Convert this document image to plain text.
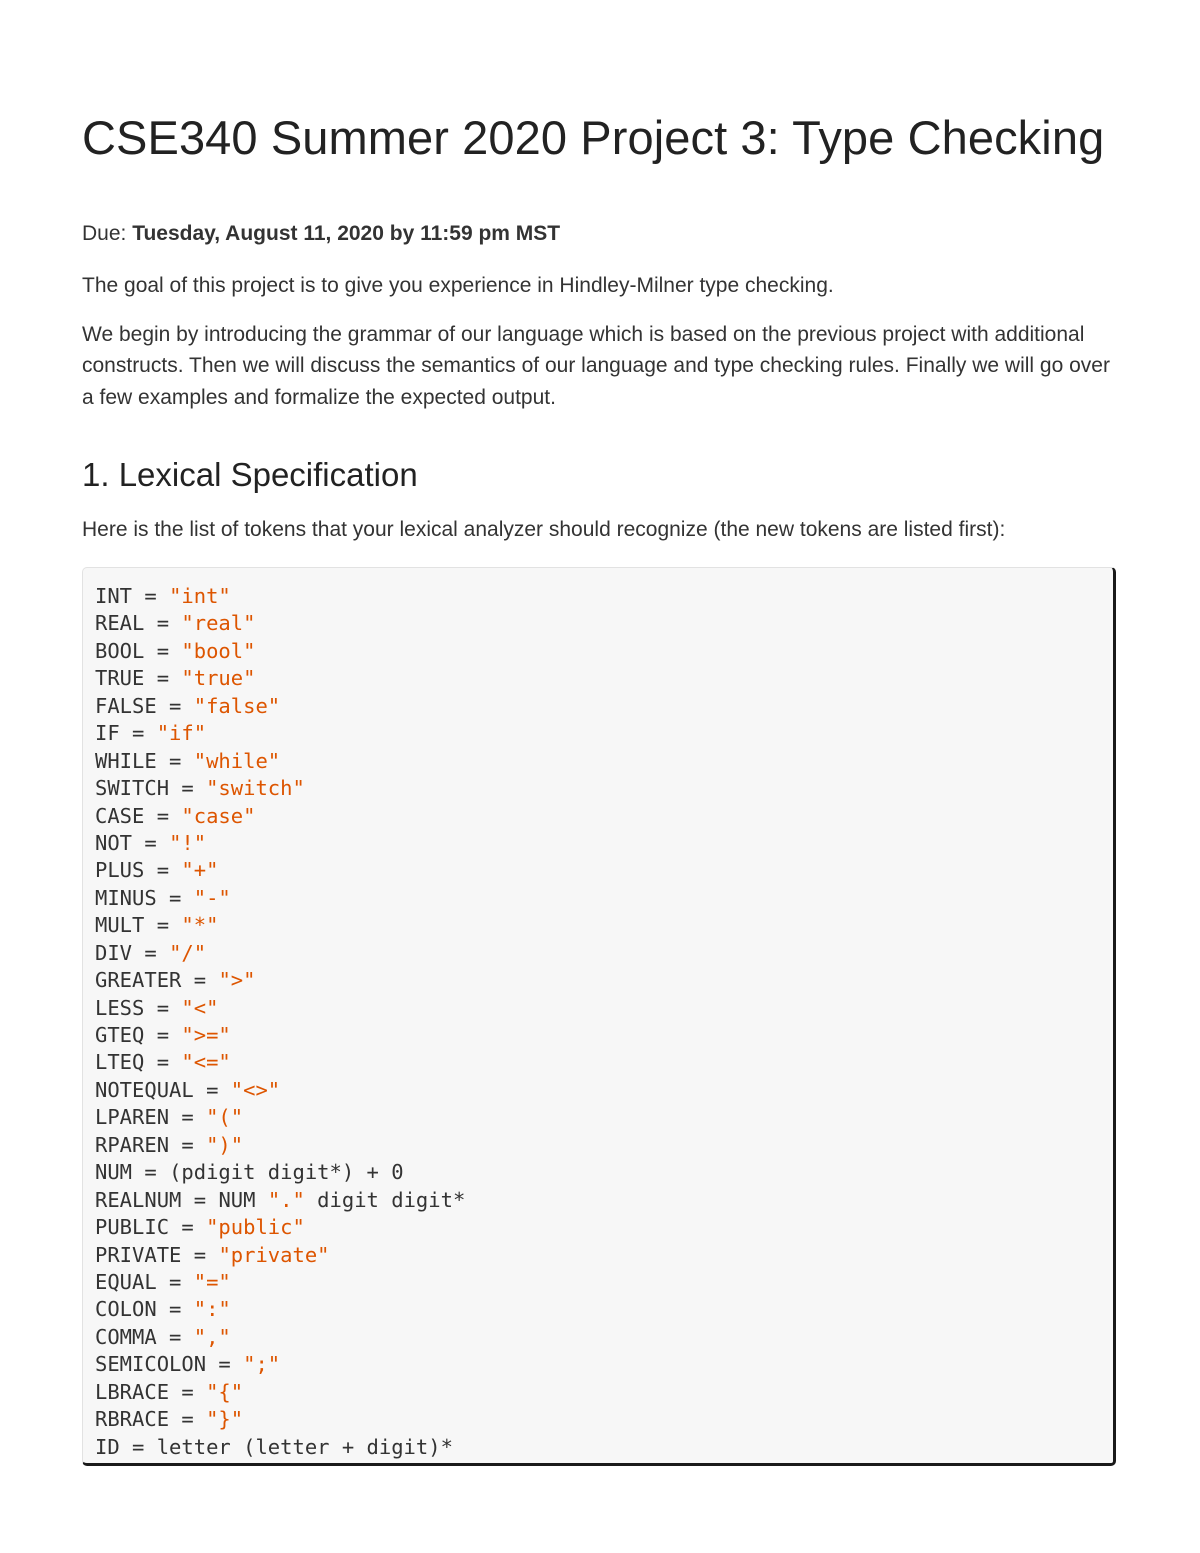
CSE340 Summer 2020 Project 3: Type Checking
Due: Tuesday, August 11, 2020 by 11:59 pm MST

The goal of this project is to give you experience in Hindley-Milner type checking.

We begin by introducing the grammar of our language which is based on the previous project with additional constructs. Then we will discuss the semantics of our language and type checking rules. Finally we will go over a few examples and formalize the expected output.

1. Lexical Specification

Here is the list of tokens that your lexical analyzer should recognize (the new tokens are listed first):

INT = "int"
REAL = "real"
BOOL = "bool"
TRUE = "true"
FALSE = "false"
IF = "if"
WHILE = "while"
SWITCH = "switch"
CASE = "case"
NOT = "!"
PLUS = "+"
MINUS = "-"
MULT = "*"
DIV = "/"
GREATER = ">"
LESS = "<"
GTEQ = ">="
LTEQ = "<="
NOTEQUAL = "<>"
LPAREN = "("
RPAREN = ")"
NUM = (pdigit digit*) + 0
REALNUM = NUM "." digit digit*
PUBLIC = "public"
PRIVATE = "private"
EQUAL = "="
COLON = ":"
COMMA = ","
SEMICOLON = ";"
LBRACE = "{"
RBRACE = "}"
ID = letter (letter + digit)*
